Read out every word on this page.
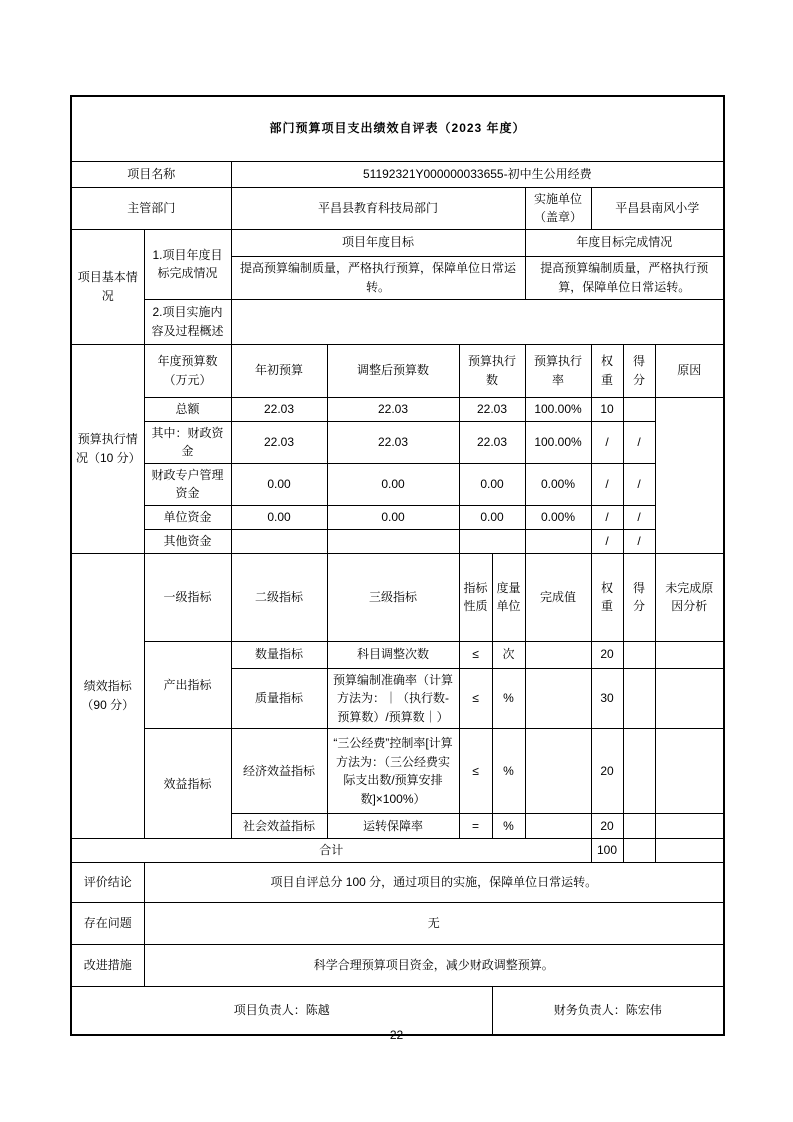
部门预算项目支出绩效自评表（2023 年度）									
项目名称		51192321Y000000033655-初中生公用经费							
主管部门		平昌县教育科技局部门				实施单位（盖章）	平昌县南风小学		
项目基本情况	1.项目年度目标完成情况	项目年度目标				年度目标完成情况			
		提高预算编制质量，严格执行预算，保障单位日常运转。				提高预算编制质量，严格执行预算，保障单位日常运转。			
	2.项目实施内容及过程概述								
预算执行情况（10 分）	年度预算数（万元）	年初预算	调整后预算数	预算执行数		预算执行率	权重	得分	原因
	总额	22.03	22.03	22.03		100.00%	10		
	其中：财政资金	22.03	22.03	22.03		100.00%	/	/	
	财政专户管理资金	0.00	0.00	0.00		0.00%	/	/	
	单位资金	0.00	0.00	0.00		0.00%	/	/	
	其他资金						/	/	
绩效指标（90 分）	一级指标	二级指标	三级指标	指标性质	度量单位	完成值	权重	得分	未完成原因分析
	产出指标	数量指标	科目调整次数	≤	次		20		
		质量指标	预算编制准确率（计算方法为：｜（执行数-预算数）/预算数｜）	≤	%		30		
	效益指标	经济效益指标	“三公经费”控制率[计算方法为：（三公经费实际支出数/预算安排数]×100%）	≤	%		20		
		社会效益指标	运转保障率	=	%		20		
合计							100		
评价结论	项目自评总分 100 分，通过项目的实施，保障单位日常运转。								
存在问题	无								
改进措施	科学合理预算项目资金，减少财政调整预算。								
项目负责人：陈越					财务负责人：陈宏伟				
22
